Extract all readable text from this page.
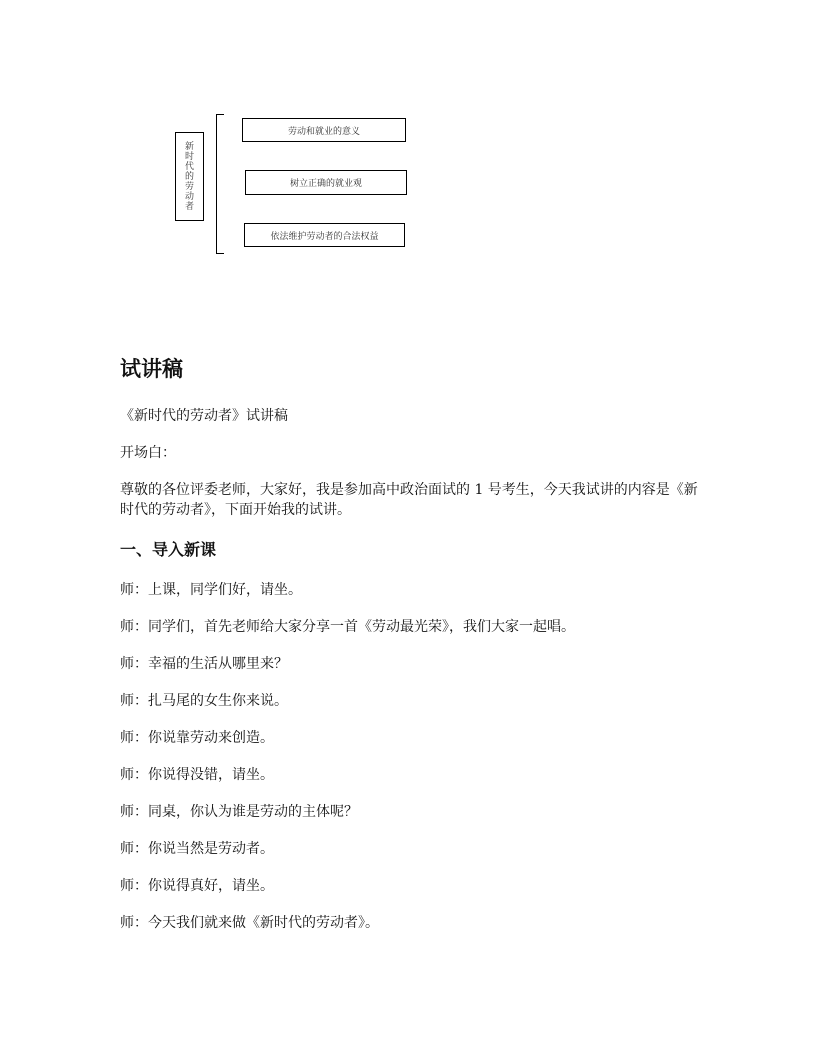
新
时
代
的
劳
动
者
劳动和就业的意义
树立正确的就业观
依法维护劳动者的合法权益
试讲稿

《新时代的劳动者》试讲稿

开场白：

尊敬的各位评委老师，大家好，我是参加高中政治面试的 1 号考生，今天我试讲的内容是《新时代的劳动者》，下面开始我的试讲。

一、导入新课

师：上课，同学们好，请坐。

师：同学们，首先老师给大家分享一首《劳动最光荣》，我们大家一起唱。

师：幸福的生活从哪里来？

师：扎马尾的女生你来说。

师：你说靠劳动来创造。

师：你说得没错，请坐。

师：同桌，你认为谁是劳动的主体呢？

师：你说当然是劳动者。

师：你说得真好，请坐。

师：今天我们就来做《新时代的劳动者》。
